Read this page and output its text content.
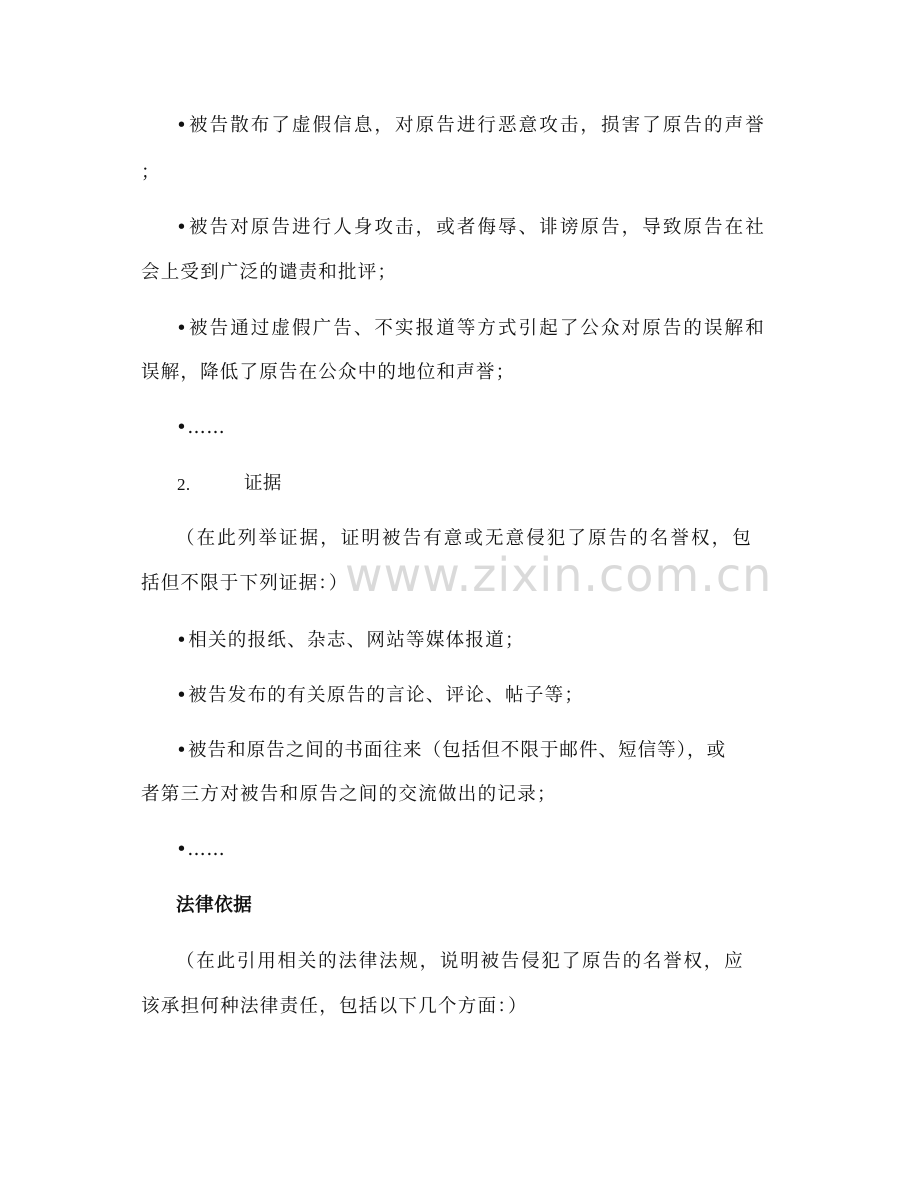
www.zixin.com.cn
•被告散布了虚假信息，对原告进行恶意攻击，损害了原告的声誉
；
•被告对原告进行人身攻击，或者侮辱、诽谤原告，导致原告在社
会上受到广泛的谴责和批评；
•被告通过虚假广告、不实报道等方式引起了公众对原告的误解和
误解，降低了原告在公众中的地位和声誉；
•……
2.	证据
（在此列举证据，证明被告有意或无意侵犯了原告的名誉权，包
括但不限于下列证据：）
•相关的报纸、杂志、网站等媒体报道；
•被告发布的有关原告的言论、评论、帖子等；
•被告和原告之间的书面往来（包括但不限于邮件、短信等），或
者第三方对被告和原告之间的交流做出的记录；
•……
法律依据
（在此引用相关的法律法规，说明被告侵犯了原告的名誉权，应
该承担何种法律责任，包括以下几个方面：）
